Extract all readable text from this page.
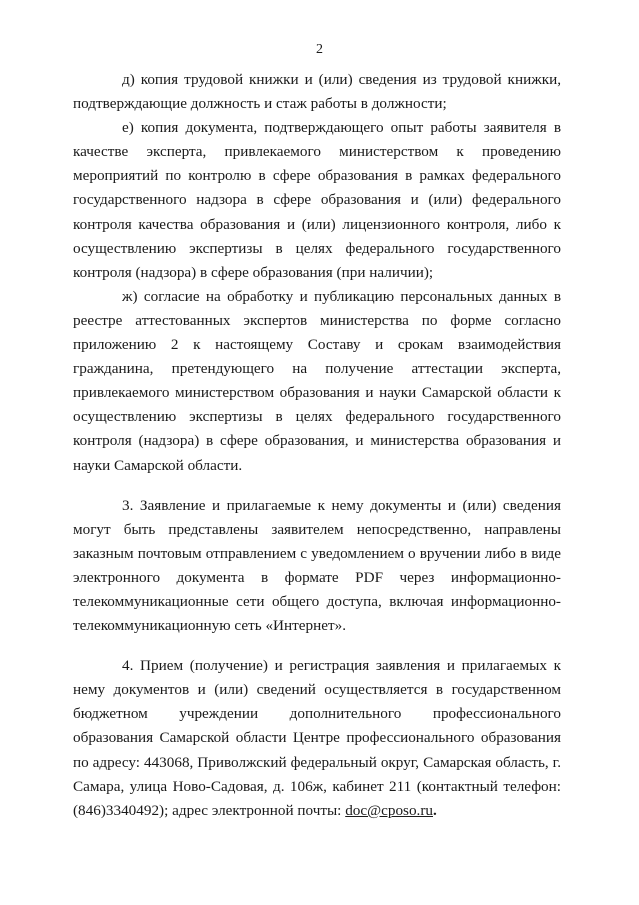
2

д) копия трудовой книжки и (или) сведения из трудовой книжки, подтверждающие должность и стаж работы в должности;

е) копия документа, подтверждающего опыт работы заявителя в качестве эксперта, привлекаемого министерством к проведению мероприятий по контролю в сфере образования в рамках федерального государственного надзора в сфере образования и (или) федерального контроля качества образования и (или) лицензионного контроля, либо к осуществлению экспертизы в целях федерального государственного контроля (надзора) в сфере образования (при наличии);

ж) согласие на обработку и публикацию персональных данных в реестре аттестованных экспертов министерства по форме согласно приложению 2 к настоящему Составу и срокам взаимодействия гражданина, претендующего на получение аттестации эксперта, привлекаемого министерством образования и науки Самарской области к осуществлению экспертизы в целях федерального государственного контроля (надзора) в сфере образования, и министерства образования и науки Самарской области.

3. Заявление и прилагаемые к нему документы и (или) сведения могут быть представлены заявителем непосредственно, направлены заказным почтовым отправлением с уведомлением о вручении либо в виде электронного документа в формате PDF через информационно-телекоммуникационные сети общего доступа, включая информационно-телекоммуникационную сеть «Интернет».

4. Прием (получение) и регистрация заявления и прилагаемых к нему документов и (или) сведений осуществляется в государственном бюджетном учреждении дополнительного профессионального образования Самарской области Центре профессионального образования по адресу: 443068, Приволжский федеральный округ, Самарская область, г. Самара, улица Ново-Садовая, д. 106ж, кабинет 211 (контактный телефон: (846)3340492); адрес электронной почты: doc@cposo.ru.
